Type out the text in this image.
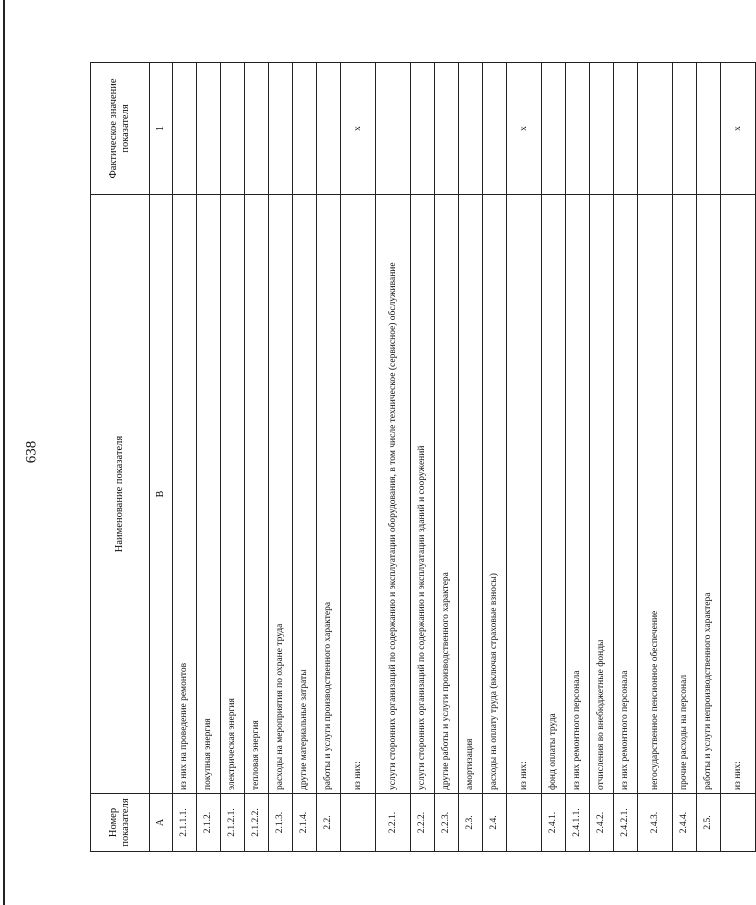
638
Номер показателя	Наименование показателя	Фактическое значение показателя
А	В	1
2.1.1.1.	из них на проведение ремонтов	
2.1.2.	покупная энергия	
2.1.2.1.	электрическая энергия	
2.1.2.2.	тепловая энергия	
2.1.3.	расходы на мероприятия по охране труда	
2.1.4.	другие материальные затраты	
2.2.	работы и услуги производственного характера	
	из них:	x
2.2.1.	услуги сторонних организаций по содержанию и эксплуатации оборудования, в том числе техническое (сервисное) обслуживание	
2.2.2.	услуги сторонних организаций по содержанию и эксплуатации зданий и сооружений	
2.2.3.	другие работы и услуги производственного характера	
2.3.	амортизация	
2.4.	расходы на оплату труда (включая страховые взносы)	
	из них:	x
2.4.1.	фонд оплаты труда	
2.4.1.1.	из них ремонтного персонала	
2.4.2.	отчисления во внебюджетные фонды	
2.4.2.1.	из них ремонтного персонала	
2.4.3.	негосударственное пенсионное обеспечение	
2.4.4.	прочие расходы на персонал	
2.5.	работы и услуги непроизводственного характера	
	из них:	x
